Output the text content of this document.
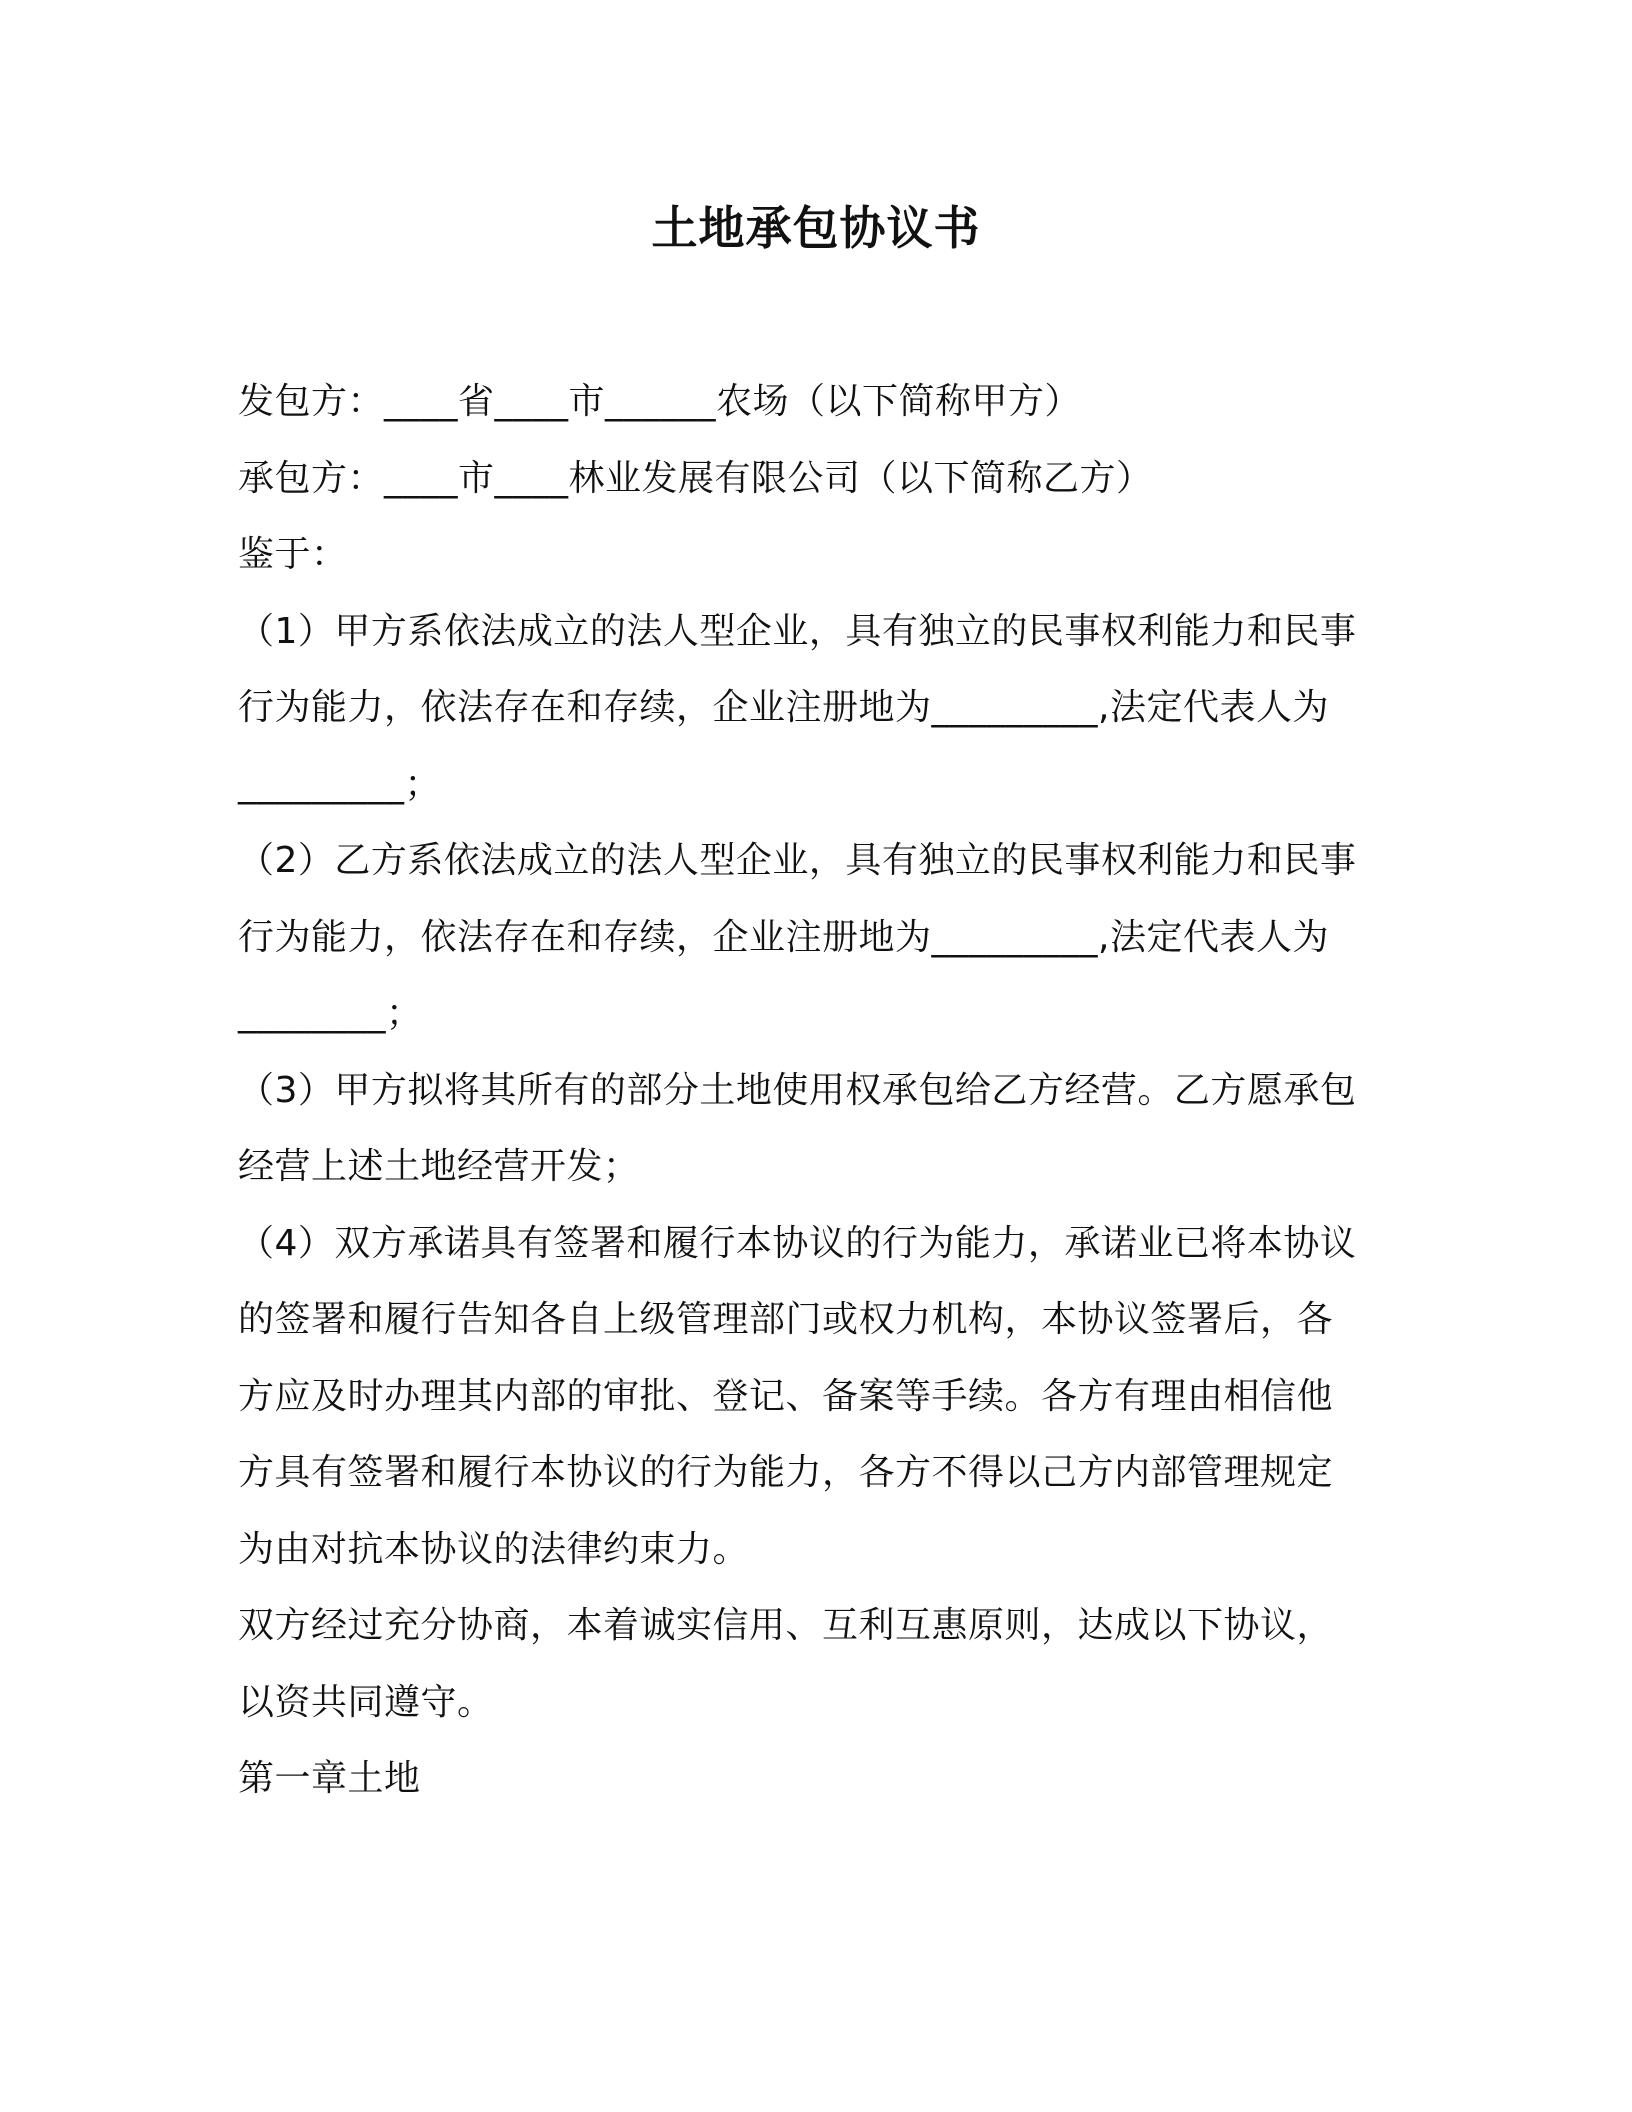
土地承包协议书

发包方：____省____市______农场（以下简称甲方）

承包方：____市____林业发展有限公司（以下简称乙方）

鉴于：

（1）甲方系依法成立的法人型企业，具有独立的民事权利能力和民事

行为能力，依法存在和存续，企业注册地为_________,法定代表人为

_________；

（2）乙方系依法成立的法人型企业，具有独立的民事权利能力和民事

行为能力，依法存在和存续，企业注册地为_________,法定代表人为

________；

（3）甲方拟将其所有的部分土地使用权承包给乙方经营。乙方愿承包

经营上述土地经营开发；

（4）双方承诺具有签署和履行本协议的行为能力，承诺业已将本协议

的签署和履行告知各自上级管理部门或权力机构，本协议签署后，各

方应及时办理其内部的审批、登记、备案等手续。各方有理由相信他

方具有签署和履行本协议的行为能力，各方不得以己方内部管理规定

为由对抗本协议的法律约束力。

双方经过充分协商，本着诚实信用、互利互惠原则，达成以下协议，

以资共同遵守。

第一章土地
